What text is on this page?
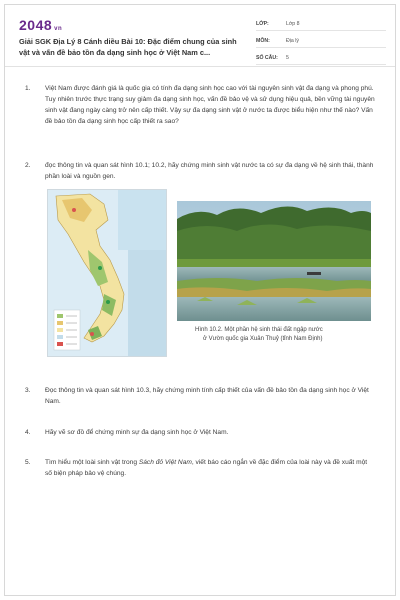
2048 vn
Giải SGK Địa Lý 8 Cánh diều Bài 10: Đặc điểm chung của sinh vật và vấn đề bảo tồn đa dạng sinh học ở Việt Nam c...
LỚP:	Lớp 8
MÔN:	Địa lý
SỐ CÂU:	5
1.	Việt Nam được đánh giá là quốc gia có tính đa dạng sinh học cao với tài nguyên sinh vật đa dạng và phong phú. Tuy nhiên trước thực trạng suy giảm đa dạng sinh học, vấn đề bảo vệ và sử dụng hiệu quả, bền vững tài nguyên sinh vật đang ngày càng trở nên cấp thiết. Vậy sự đa dạng sinh vật ở nước ta được biểu hiện như thế nào? Vấn đề bảo tồn đa dạng sinh học cấp thiết ra sao?
2.	đọc thông tin và quan sát hình 10.1; 10.2, hãy chứng minh sinh vật nước ta có sự đa dạng về hệ sinh thái, thành phần loài và nguồn gen.
Hình 10.2. Một phần hệ sinh thái đất ngập nước
ở Vườn quốc gia Xuân Thuỷ (tỉnh Nam Định)
3.	Đọc thông tin và quan sát hình 10.3, hãy chứng minh tính cấp thiết của vấn đề bảo tồn đa dạng sinh học ở Việt Nam.
4.	Hãy vẽ sơ đồ để chứng minh sự đa dạng sinh học ở Việt Nam.
5.	Tìm hiểu một loài sinh vật trong Sách đỏ Việt Nam, viết báo cáo ngắn về đặc điểm của loài này và đề xuất một số biện pháp bảo vệ chúng.
